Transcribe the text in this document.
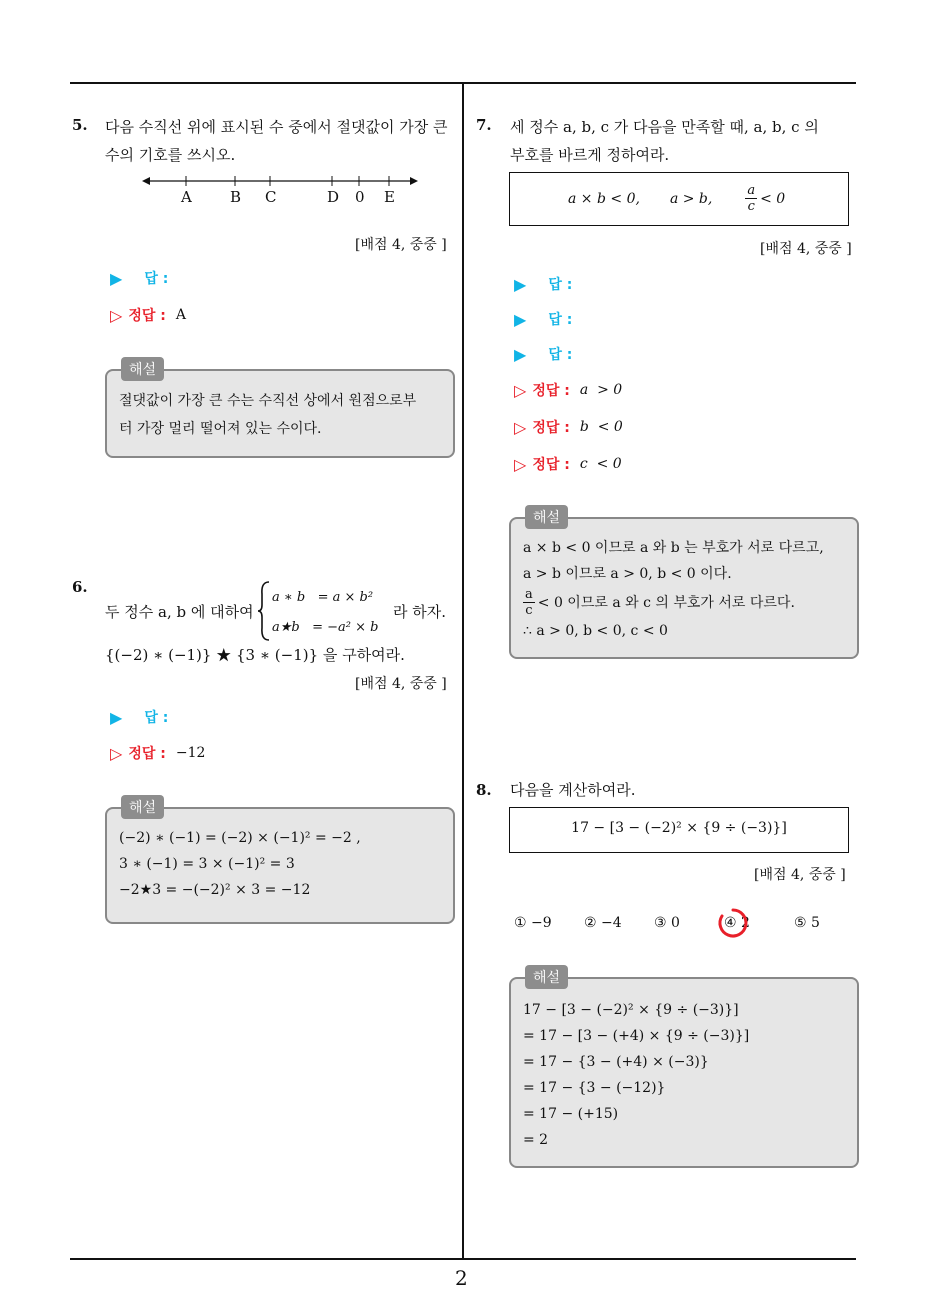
2
5. 다음 수직선 위에 표시된 수 중에서 절댓값이 가장 큰
수의 기호를 쓰시오.
A	B C	D 0 E
[배점 4, 중중 ]
▶ 답 :
▷ 정답 : A
해설
절댓값이 가장 큰 수는 수직선 상에서 원점으로부
터 가장 멀리 떨어져 있는 수이다.
6.
두 정수 a, b 에 대하여
a ∗ b   = a × b²
a★b   = −a² × b
라 하자.
{(−2) ∗ (−1)} ★ {3 ∗ (−1)} 을 구하여라.
[배점 4, 중중 ]
▶ 답 :
▷ 정답 : −12
해설
(−2) ∗ (−1) = (−2) × (−1)² = −2 ,
3 ∗ (−1) = 3 × (−1)² = 3
−2★3 = −(−2)² × 3 = −12
7. 세 정수 a, b, c 가 다음을 만족할 때, a, b, c 의
부호를 바르게 정하여라.
a × b < 0, a > b,	$\frac{a}{c} < 0$
[배점 4, 중중 ]
▶ 답 :
▶ 답 :
▶ 답 :
▷ 정답 : a  > 0
▷ 정답 : b  < 0
▷ 정답 : c  < 0
해설
a × b < 0 이므로 a 와 b 는 부호가 서로 다르고,
a > b 이므로 a > 0, b < 0 이다.
$\frac{a}{c} < 0$ 이므로 a 와 c 의 부호가 서로 다르다.
∴ a > 0, b < 0, c < 0
8. 다음을 계산하여라.
17 − [3 − (−2)² × {9 ÷ (−3)}]
[배점 4, 중중 ]
① −9	② −4	③ 0	④ 2	⑤ 5
해설
17 − [3 − (−2)² × {9 ÷ (−3)}]
= 17 − [3 − (+4) × {9 ÷ (−3)}]
= 17 − {3 − (+4) × (−3)}
= 17 − {3 − (−12)}
= 17 − (+15)
= 2
